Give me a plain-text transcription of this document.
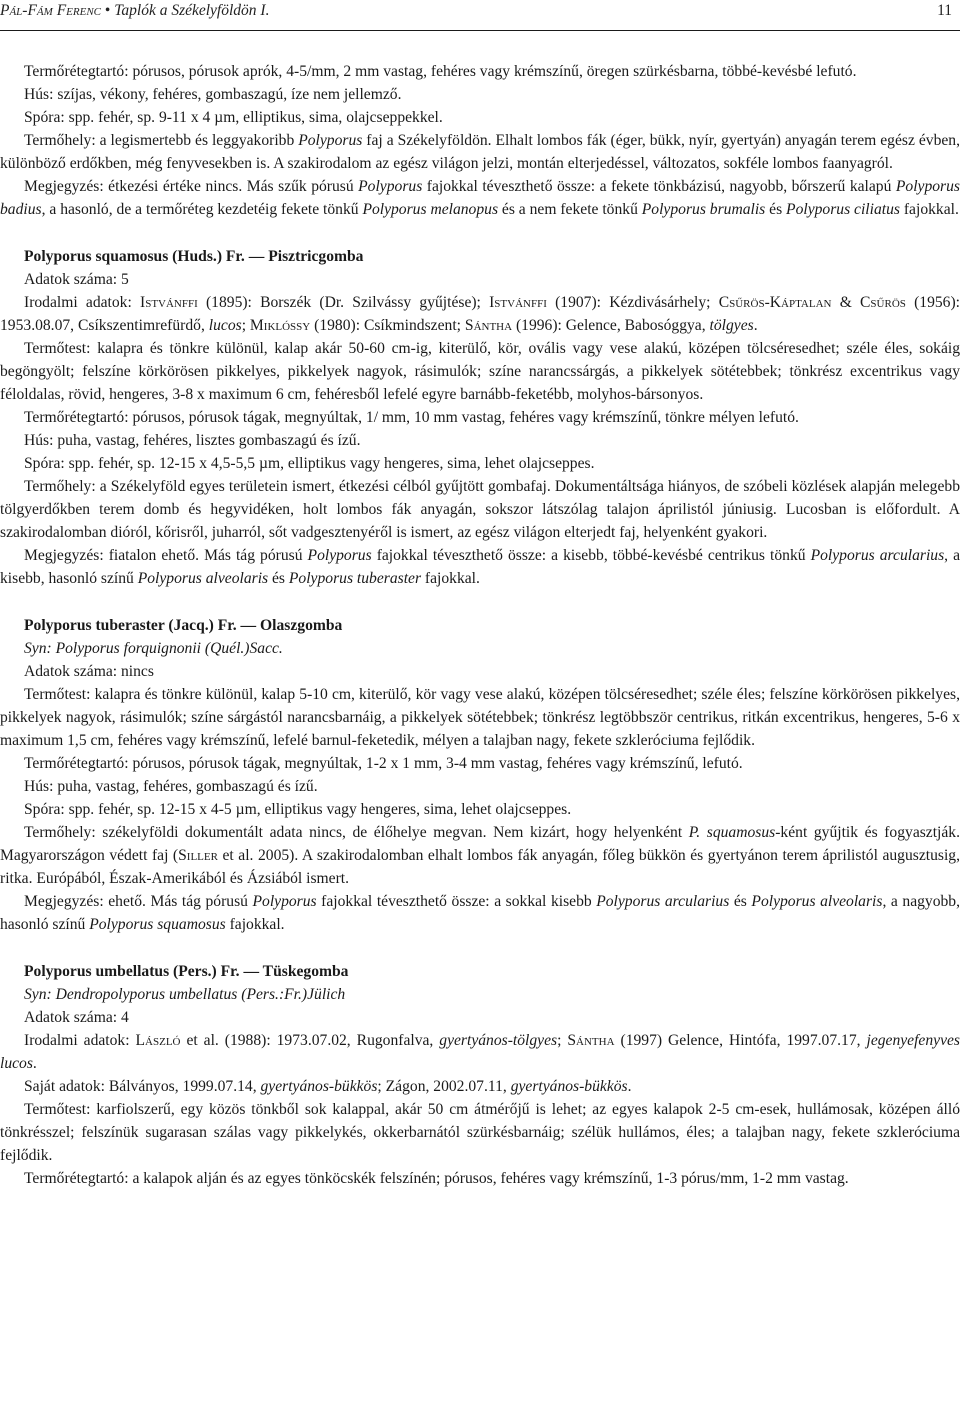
Pál-Fám Ferenc • Taplók a Székelyföldön I.	11

Termőrétegtartó: pórusos, pórusok aprók, 4-5/mm, 2 mm vastag, fehéres vagy krémszínű, öregen szürkésbarna, többé-kevésbé lefutó.

Hús: szíjas, vékony, fehéres, gombaszagú, íze nem jellemző.

Spóra: spp. fehér, sp. 9-11 x 4 µm, elliptikus, sima, olajcseppekkel.

Termőhely: a legismertebb és leggyakoribb Polyporus faj a Székelyföldön. Elhalt lombos fák (éger, bükk, nyír, gyertyán) anyagán terem egész évben, különböző erdőkben, még fenyvesekben is. A szakirodalom az egész világon jelzi, montán elterjedéssel, változatos, sokféle lombos faanyagról.

Megjegyzés: étkezési értéke nincs. Más szűk pórusú Polyporus fajokkal téveszthető össze: a fekete tönkbázisú, nagyobb, bőrszerű kalapú Polyporus badius, a hasonló, de a termőréteg kezdetéig fekete tönkű Polyporus melanopus és a nem fekete tönkű Polyporus brumalis és Polyporus ciliatus fajokkal.

Polyporus squamosus (Huds.) Fr. — Pisztricgomba

Adatok száma: 5

Irodalmi adatok: Istvánffi (1895): Borszék (Dr. Szilvássy gyűjtése); Istvánffi (1907): Kézdivásárhely; Csűrös-Káptalan & Csűrös (1956): 1953.08.07, Csíkszentimrefürdő, lucos; Miklóssy (1980): Csíkmindszent; Sántha (1996): Gelence, Babosóggya, tölgyes.

Termőtest: kalapra és tönkre különül, kalap akár 50-60 cm-ig, kiterülő, kör, ovális vagy vese alakú, középen tölcséresedhet; széle éles, sokáig begöngyölt; felszíne körkörösen pikkelyes, pikkelyek nagyok, rásimulók; színe narancssárgás, a pikkelyek sötétebbek; tönkrész excentrikus vagy féloldalas, rövid, hengeres, 3-8 x maximum 6 cm, fehéresből lefelé egyre barnább-feketébb, molyhos-bársonyos.

Termőrétegtartó: pórusos, pórusok tágak, megnyúltak, 1/ mm, 10 mm vastag, fehéres vagy krémszínű, tönkre mélyen lefutó.

Hús: puha, vastag, fehéres, lisztes gombaszagú és ízű.

Spóra: spp. fehér, sp. 12-15 x 4,5-5,5 µm, elliptikus vagy hengeres, sima, lehet olajcseppes.

Termőhely: a Székelyföld egyes területein ismert, étkezési célból gyűjtött gombafaj. Dokumentáltsága hiányos, de szóbeli közlések alapján melegebb tölgyerdőkben terem domb és hegyvidéken, holt lombos fák anyagán, sokszor látszólag talajon áprilistól júniusig. Lucosban is előfordult. A szakirodalomban dióról, kőrisről, juharról, sőt vadgesztenyéről is ismert, az egész világon elterjedt faj, helyenként gyakori.

Megjegyzés: fiatalon ehető. Más tág pórusú Polyporus fajokkal téveszthető össze: a kisebb, többé-kevésbé centrikus tönkű Polyporus arcularius, a kisebb, hasonló színű Polyporus alveolaris és Polyporus tuberaster fajokkal.

Polyporus tuberaster (Jacq.) Fr. — Olaszgomba

Syn: Polyporus forquignonii (Quél.)Sacc.

Adatok száma: nincs

Termőtest: kalapra és tönkre különül, kalap 5-10 cm, kiterülő, kör vagy vese alakú, középen tölcséresedhet; széle éles; felszíne körkörösen pikkelyes, pikkelyek nagyok, rásimulók; színe sárgástól narancsbarnáig, a pikkelyek sötétebbek; tönkrész legtöbbször centrikus, ritkán excentrikus, hengeres, 5-6 x maximum 1,5 cm, fehéres vagy krémszínű, lefelé barnul-feketedik, mélyen a talajban nagy, fekete szkleróciuma fejlődik.

Termőrétegtartó: pórusos, pórusok tágak, megnyúltak, 1-2 x 1 mm, 3-4 mm vastag, fehéres vagy krémszínű, lefutó.

Hús: puha, vastag, fehéres, gombaszagú és ízű.

Spóra: spp. fehér, sp. 12-15 x 4-5 µm, elliptikus vagy hengeres, sima, lehet olajcseppes.

Termőhely: székelyföldi dokumentált adata nincs, de élőhelye megvan. Nem kizárt, hogy helyenként P. squamosus-ként gyűjtik és fogyasztják. Magyarországon védett faj (Siller et al. 2005). A szakirodalomban elhalt lombos fák anyagán, főleg bükkön és gyertyánon terem áprilistól augusztusig, ritka. Európából, Észak-Amerikából és Ázsiából ismert.

Megjegyzés: ehető. Más tág pórusú Polyporus fajokkal téveszthető össze: a sokkal kisebb Polyporus arcularius és Polyporus alveolaris, a nagyobb, hasonló színű Polyporus squamosus fajokkal.

Polyporus umbellatus (Pers.) Fr. — Tüskegomba

Syn: Dendropolyporus umbellatus (Pers.:Fr.)Jülich

Adatok száma: 4

Irodalmi adatok: László et al. (1988): 1973.07.02, Rugonfalva, gyertyános-tölgyes; Sántha (1997) Gelence, Hintófa, 1997.07.17, jegenyefenyves lucos.

Saját adatok: Bálványos, 1999.07.14, gyertyános-bükkös; Zágon, 2002.07.11, gyertyános-bükkös.

Termőtest: karfiolszerű, egy közös tönkből sok kalappal, akár 50 cm átmérőjű is lehet; az egyes kalapok 2-5 cm-esek, hullámosak, középen álló tönkrésszel; felszínük sugarasan szálas vagy pikkelykés, okkerbarnától szürkésbarnáig; szélük hullámos, éles; a talajban nagy, fekete szkleróciuma fejlődik.

Termőrétegtartó: a kalapok alján és az egyes tönköcskék felszínén; pórusos, fehéres vagy krémszínű, 1-3 pórus/mm, 1-2 mm vastag.
